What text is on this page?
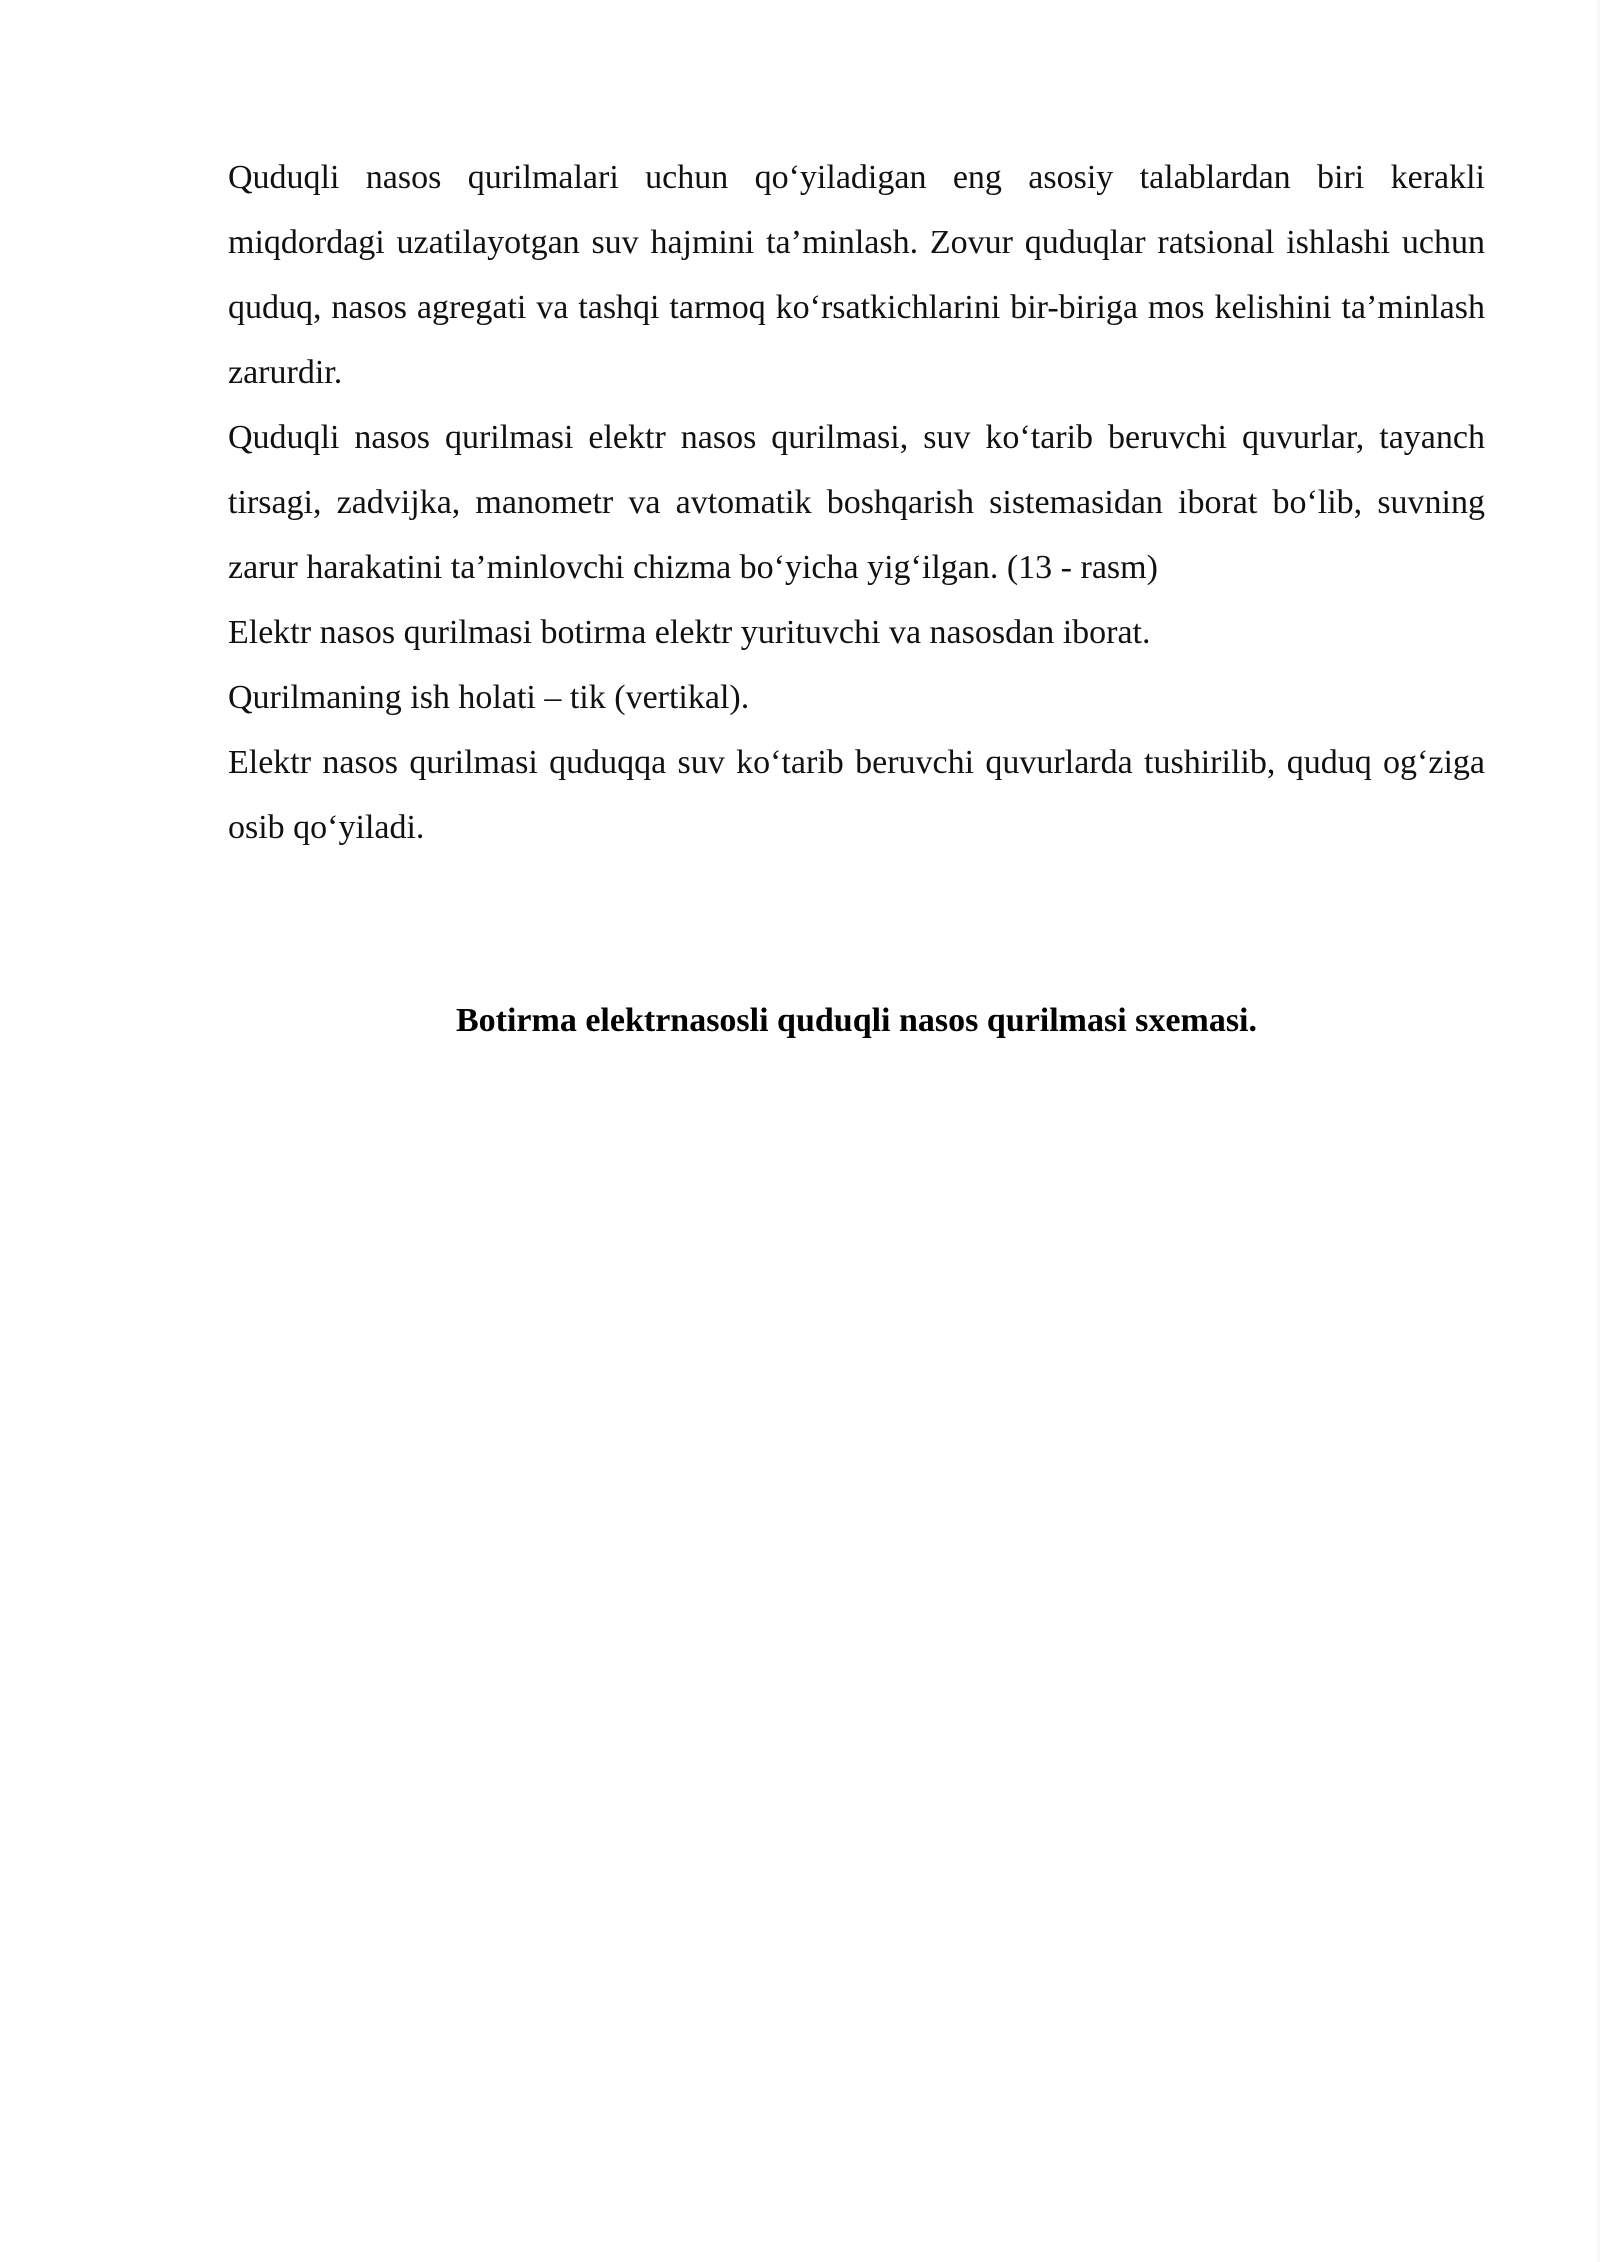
Quduqli nasos qurilmalari uchun qo‘yiladigan eng asosiy talablardan biri kerakli miqdordagi uzatilayotgan suv hajmini ta’minlash. Zovur quduqlar ratsional ishlashi uchun quduq, nasos agregati va tashqi tarmoq ko‘rsatkichlarini bir-biriga mos kelishini ta’minlash zarurdir.

Quduqli nasos qurilmasi elektr nasos qurilmasi, suv ko‘tarib beruvchi quvurlar, tayanch tirsagi, zadvijka, manometr va avtomatik boshqarish sistemasidan iborat bo‘lib, suvning zarur harakatini ta’minlovchi chizma bo‘yicha yig‘ilgan. (13 - rasm)

Elektr nasos qurilmasi botirma elektr yurituvchi va nasosdan iborat.

Qurilmaning ish holati – tik (vertikal).

Elektr nasos qurilmasi quduqqa suv ko‘tarib beruvchi quvurlarda tushirilib, quduq og‘ziga osib qo‘yiladi.

Botirma elektrnasosli quduqli nasos qurilmasi sxemasi.
